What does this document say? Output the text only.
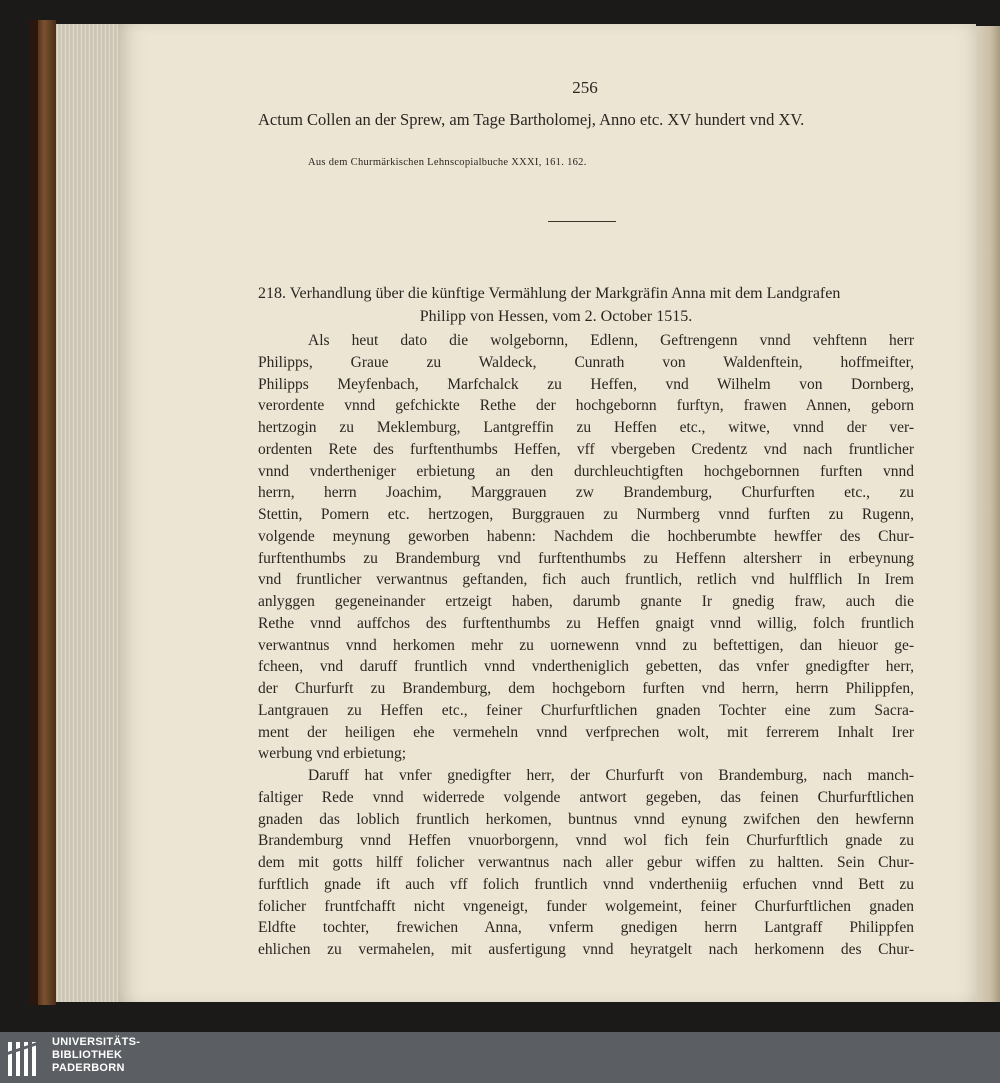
256
Actum Collen an der Sprew, am Tage Bartholomej, Anno etc. XV hundert vnd XV.
Aus dem Churmärkischen Lehnscopialbuche XXXI, 161. 162.
218. Verhandlung über die künftige Vermählung der Markgräfin Anna mit dem Landgrafen
Philipp von Hessen, vom 2. October 1515.
Als heut dato die wolgebornn, Edlenn, Geftrengenn vnnd vehftenn herr
Philipps, Graue zu Waldeck, Cunrath von Waldenftein, hoffmeifter,
Philipps Meyfenbach, Marfchalck zu Heffen, vnd Wilhelm von Dornberg,
verordente vnnd gefchickte Rethe der hochgebornn furftyn, frawen Annen, geborn
hertzogin zu Meklemburg, Lantgreffin zu Heffen etc., witwe, vnnd der ver-
ordenten Rete des furftenthumbs Heffen, vff vbergeben Credentz vnd nach fruntlicher
vnnd vndertheniger erbietung an den durchleuchtigften hochgebornnen furften vnnd
herrn, herrn Joachim, Marggrauen zw Brandemburg, Churfurften etc., zu
Stettin, Pomern etc. hertzogen, Burggrauen zu Nurmberg vnnd furften zu Rugenn,
volgende meynung geworben habenn: Nachdem die hochberumbte hewffer des Chur-
furftenthumbs zu Brandemburg vnd furftenthumbs zu Heffenn altersherr in erbeynung
vnd fruntlicher verwantnus geftanden, fich auch fruntlich, retlich vnd hulfflich In Irem
anlyggen gegeneinander ertzeigt haben, darumb gnante Ir gnedig fraw, auch die
Rethe vnnd auffchos des furftenthumbs zu Heffen gnaigt vnnd willig, folch fruntlich
verwantnus vnnd herkomen mehr zu uornewenn vnnd zu beftettigen, dan hieuor ge-
fcheen, vnd daruff fruntlich vnnd vndertheniglich gebetten, das vnfer gnedigfter herr,
der Churfurft zu Brandemburg, dem hochgeborn furften vnd herrn, herrn Philippfen,
Lantgrauen zu Heffen etc., feiner Churfurftlichen gnaden Tochter eine zum Sacra-
ment der heiligen ehe vermeheln vnnd verfprechen wolt, mit ferrerem Inhalt Irer
werbung vnd erbietung;
Daruff hat vnfer gnedigfter herr, der Churfurft von Brandemburg, nach manch-
faltiger Rede vnnd widerrede volgende antwort gegeben, das feinen Churfurftlichen
gnaden das loblich fruntlich herkomen, buntnus vnnd eynung zwifchen den hewfernn
Brandemburg vnnd Heffen vnuorborgenn, vnnd wol fich fein Churfurftlich gnade zu
dem mit gotts hilff folicher verwantnus nach aller gebur wiffen zu haltten. Sein Chur-
furftlich gnade ift auch vff folich fruntlich vnnd vndertheniig erfuchen vnnd Bett zu
folicher fruntfchafft nicht vngeneigt, funder wolgemeint, feiner Churfurftlichen gnaden
Eldfte tochter, frewichen Anna, vnferm gnedigen herrn Lantgraff Philippfen
ehlichen zu vermahelen, mit ausfertigung vnnd heyratgelt nach herkomenn des Chur-
UNIVERSITÄTS-
BIBLIOTHEK
PADERBORN
